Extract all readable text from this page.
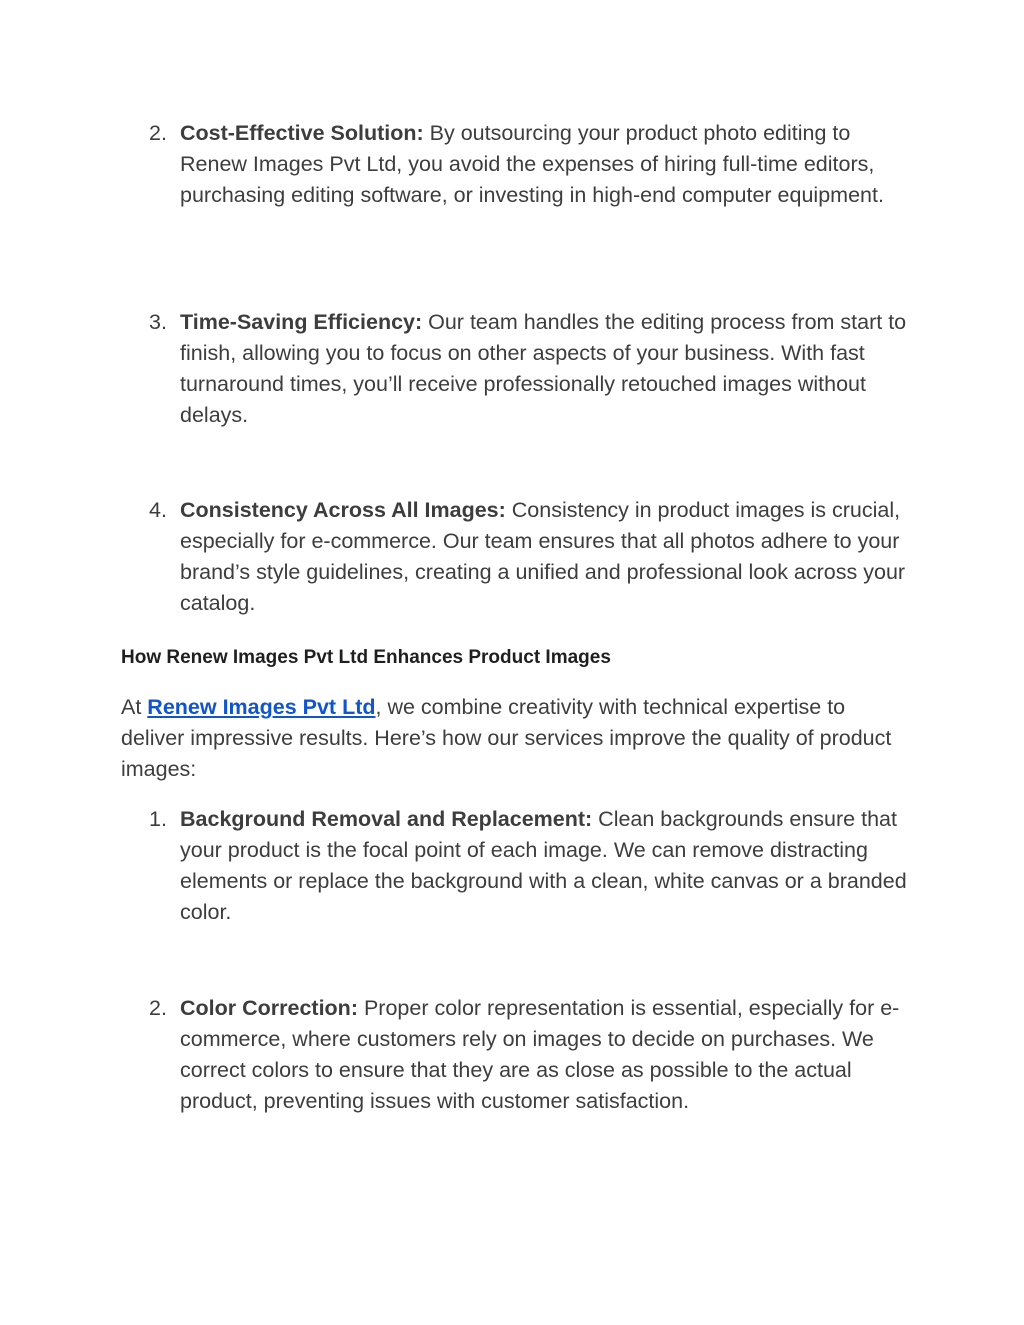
2. Cost-Effective Solution: By outsourcing your product photo editing to Renew Images Pvt Ltd, you avoid the expenses of hiring full-time editors, purchasing editing software, or investing in high-end computer equipment.
3. Time-Saving Efficiency: Our team handles the editing process from start to finish, allowing you to focus on other aspects of your business. With fast turnaround times, you’ll receive professionally retouched images without delays.
4. Consistency Across All Images: Consistency in product images is crucial, especially for e-commerce. Our team ensures that all photos adhere to your brand’s style guidelines, creating a unified and professional look across your catalog.
How Renew Images Pvt Ltd Enhances Product Images
At Renew Images Pvt Ltd, we combine creativity with technical expertise to deliver impressive results. Here’s how our services improve the quality of product images:
1. Background Removal and Replacement: Clean backgrounds ensure that your product is the focal point of each image. We can remove distracting elements or replace the background with a clean, white canvas or a branded color.
2. Color Correction: Proper color representation is essential, especially for e-commerce, where customers rely on images to decide on purchases. We correct colors to ensure that they are as close as possible to the actual product, preventing issues with customer satisfaction.
